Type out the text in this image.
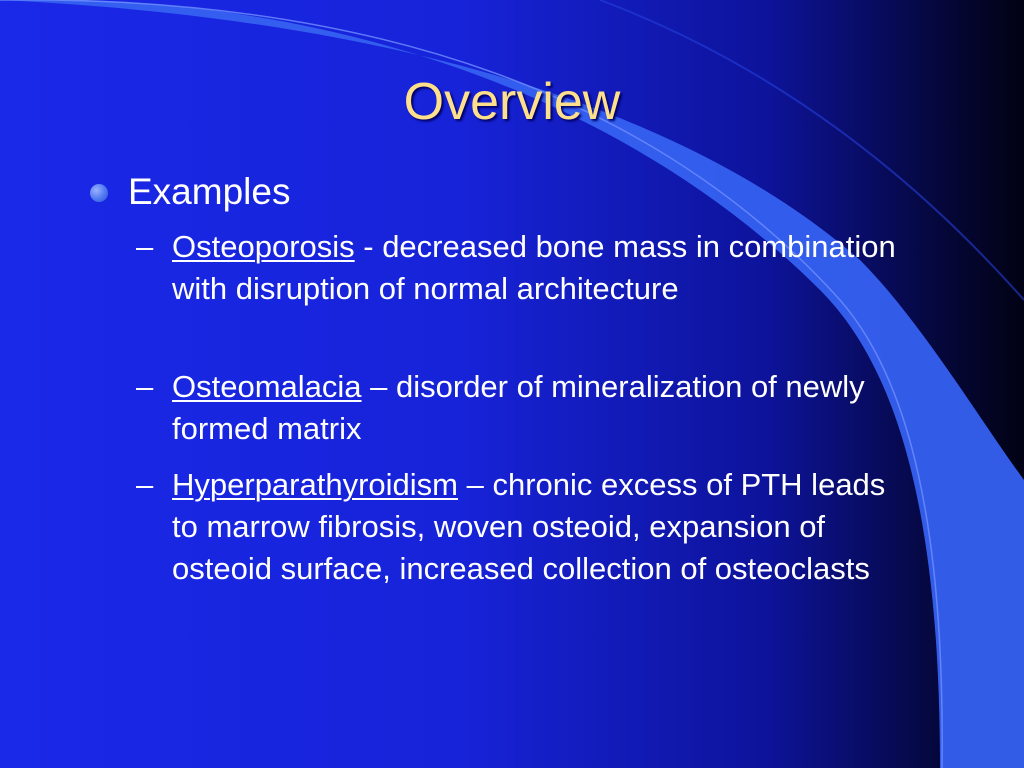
Overview
Examples
– Osteoporosis - decreased bone mass in combination with disruption of normal architecture
– Osteomalacia – disorder of mineralization of newly formed matrix
– Hyperparathyroidism – chronic excess of PTH leads to marrow fibrosis, woven osteoid, expansion of osteoid surface, increased collection of osteoclasts
